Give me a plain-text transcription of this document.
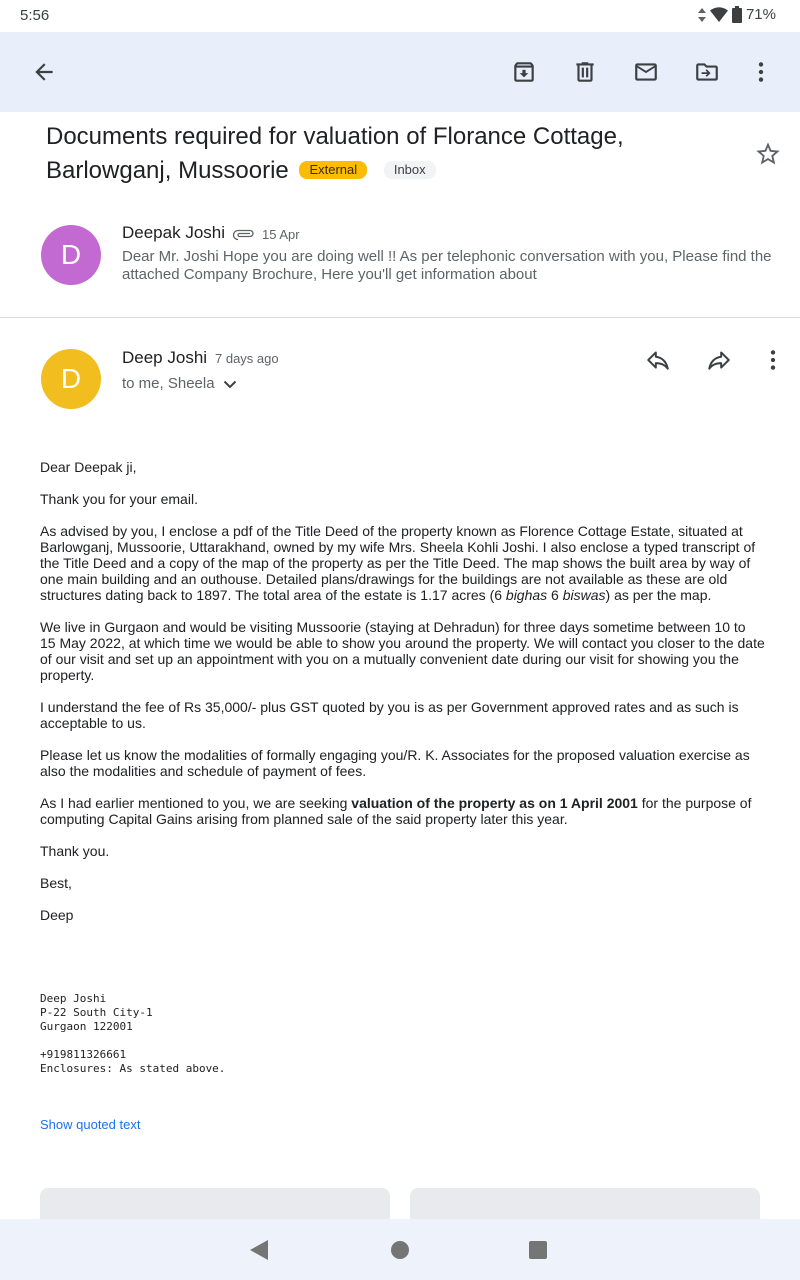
5:56	71%
Documents required for valuation of Florance Cottage, Barlowganj, Mussoorie External	Inbox
D
Deepak Joshi	15 Apr
Dear Mr. Joshi Hope you are doing well !! As per telephonic conversation with you, Please find the attached Company Brochure, Here you'll get information about
D
Deep Joshi 7 days ago
to me, Sheela

Dear Deepak ji,

Thank you for your email.

As advised by you, I enclose a pdf of the Title Deed of the property known as Florence Cottage Estate, situated at Barlowganj, Mussoorie, Uttarakhand, owned by my wife Mrs. Sheela Kohli Joshi. I also enclose a typed transcript of the Title Deed and a copy of the map of the property as per the Title Deed. The map shows the built area by way of one main building and an outhouse. Detailed plans/drawings for the buildings are not available as these are old structures dating back to 1897. The total area of the estate is 1.17 acres (6 bighas 6 biswas) as per the map.

We live in Gurgaon and would be visiting Mussoorie (staying at Dehradun) for three days sometime between 10 to 15 May 2022, at which time we would be able to show you around the property. We will contact you closer to the date of our visit and set up an appointment with you on a mutually convenient date during our visit for showing you the property.

I understand the fee of Rs 35,000/- plus GST quoted by you is as per Government approved rates and as such is acceptable to us.

Please let us know the modalities of formally engaging you/R. K. Associates for the proposed valuation exercise as also the modalities and schedule of payment of fees.

As I had earlier mentioned to you, we are seeking valuation of the property as on 1 April 2001 for the purpose of computing Capital Gains arising from planned sale of the said property later this year.

Thank you.

Best,

Deep

Deep Joshi
P-22 South City-1
Gurgaon 122001
+919811326661
Enclosures: As stated above.
Show quoted text
